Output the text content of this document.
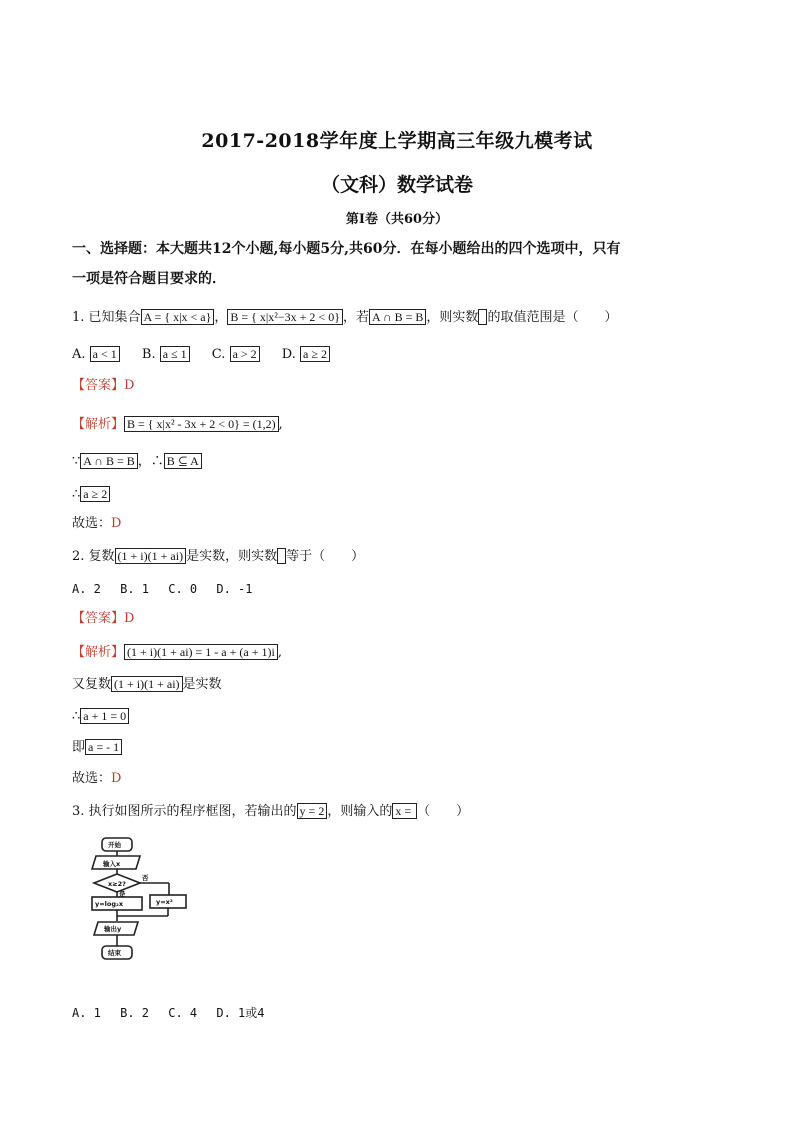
2017-2018学年度上学期高三年级九模考试
（文科）数学试卷
第Ⅰ卷（共60分）
一、选择题：本大题共12个小题,每小题5分,共60分．在每小题给出的四个选项中，只有
一项是符合题目要求的．
1. 已知集合 A = { x|x < a} ， B = { x|x²−3x + 2 < 0} ，若 A ∩ B = B ，则实数 的取值范围是（　　）
A. a < 1 B. a ≤ 1 C. a > 2 D. a ≥ 2
【答案】D
【解析】 B = { x|x² - 3x + 2 < 0} = (1,2) ,
∵ A ∩ B = B ，∴ B ⊆ A
∴ a ≥ 2
故选：D
2. 复数 (1 + i)(1 + ai) 是实数，则实数 等于（　　）
A. 2　 B. 1　 C. 0　 D. -1
【答案】D
【解析】 (1 + i)(1 + ai) = 1 - a + (a + 1)i ,
又复数 (1 + i)(1 + ai) 是实数
∴ a + 1 = 0
即 a = - 1
故选：D
3. 执行如图所示的程序框图，若输出的 y = 2 ，则输入的 x = （　　）
开始
输入x
x≥2?
否
是
y=log₂x	y=x²
输出y
结束
A. 1　 B. 2　 C. 4　 D. 1或4
